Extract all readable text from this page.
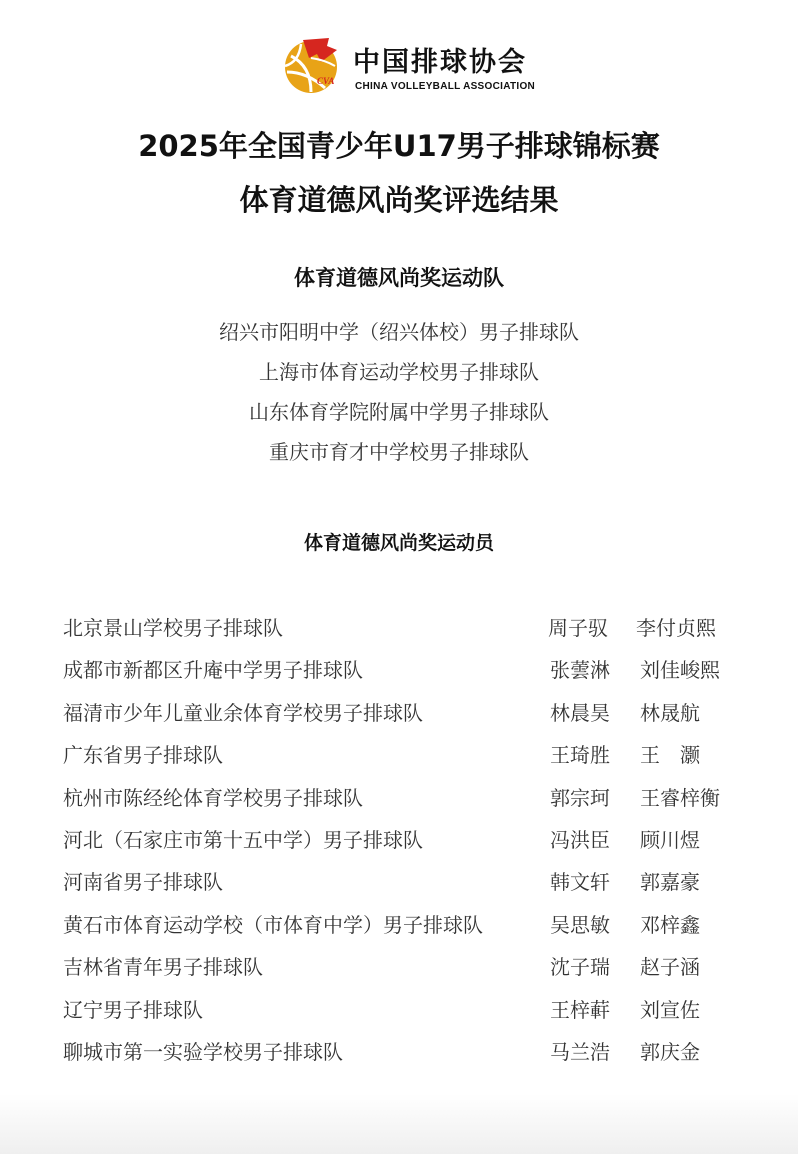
CVA
中国排球协会
CHINA VOLLEYBALL ASSOCIATION
2025年全国青少年U17男子排球锦标赛
体育道德风尚奖评选结果
体育道德风尚奖运动队
绍兴市阳明中学（绍兴体校）男子排球队
上海市体育运动学校男子排球队
山东体育学院附属中学男子排球队
重庆市育才中学校男子排球队
体育道德风尚奖运动员
北京景山学校男子排球队	周子驭 李付贞熙
成都市新都区升庵中学男子排球队	张蕓淋 刘佳峻熙
福清市少年儿童业余体育学校男子排球队	林晨昊 林晟航
广东省男子排球队	王琦胜 王　灏
杭州市陈经纶体育学校男子排球队	郭宗珂 王睿梓衡
河北（石家庄市第十五中学）男子排球队	冯洪臣 顾川煜
河南省男子排球队	韩文轩 郭嘉豪
黄石市体育运动学校（市体育中学）男子排球队	吴思敏 邓梓鑫
吉林省青年男子排球队	沈子瑞 赵子涵
辽宁男子排球队	王梓蓒 刘宣佐
聊城市第一实验学校男子排球队	马兰浩 郭庆金
